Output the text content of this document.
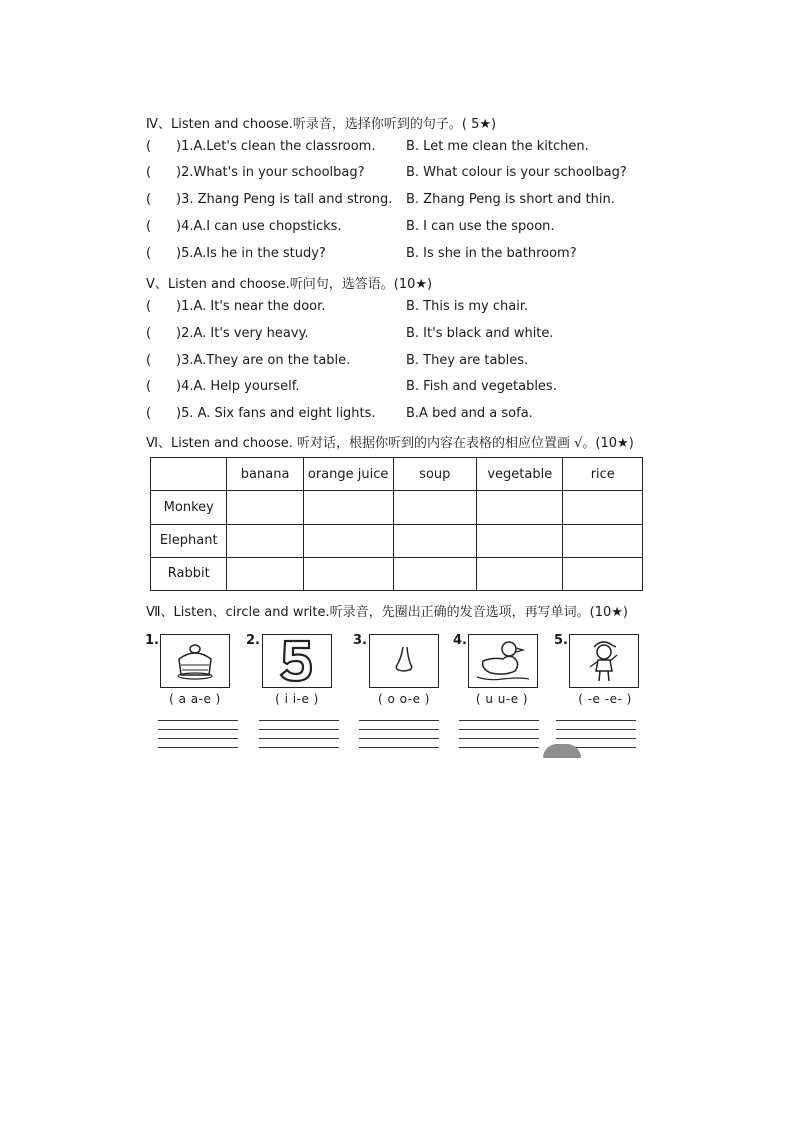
Ⅳ、Listen and choose.听录音，选择你听到的句子。( 5★)
( )1.A.Let's clean the classroom. B. Let me clean the kitchen.
( )2.What's in your schoolbag?	B. What colour is your schoolbag?
( )3. Zhang Peng is tall and strong. B. Zhang Peng is short and thin.
( )4.A.I can use chopsticks.	B. I can use the spoon.
( )5.A.Is he in the study?	B. Is she in the bathroom?
Ⅴ、Listen and choose.听问句，选答语。(10★)
( )1.A. It's near the door.	B. This is my chair.
( )2.A. It's very heavy.	B. It's black and white.
( )3.A.They are on the table.	B. They are tables.
( )4.A. Help yourself.	B. Fish and vegetables.
( )5. A. Six fans and eight lights. B.A bed and a sofa.
Ⅵ、Listen and choose. 听对话，根据你听到的内容在表格的相应位置画 √。(10★)
	banana	orange juice	soup	vegetable	rice
Monkey					
Elephant					
Rabbit					
Ⅶ、Listen、circle and write.听录音，先圈出正确的发音选项，再写单词。(10★)
1.
( a a-e )
2.
( i i-e )
3.
( o o-e )
4.
( u u-e )
5.
( -e -e- )
